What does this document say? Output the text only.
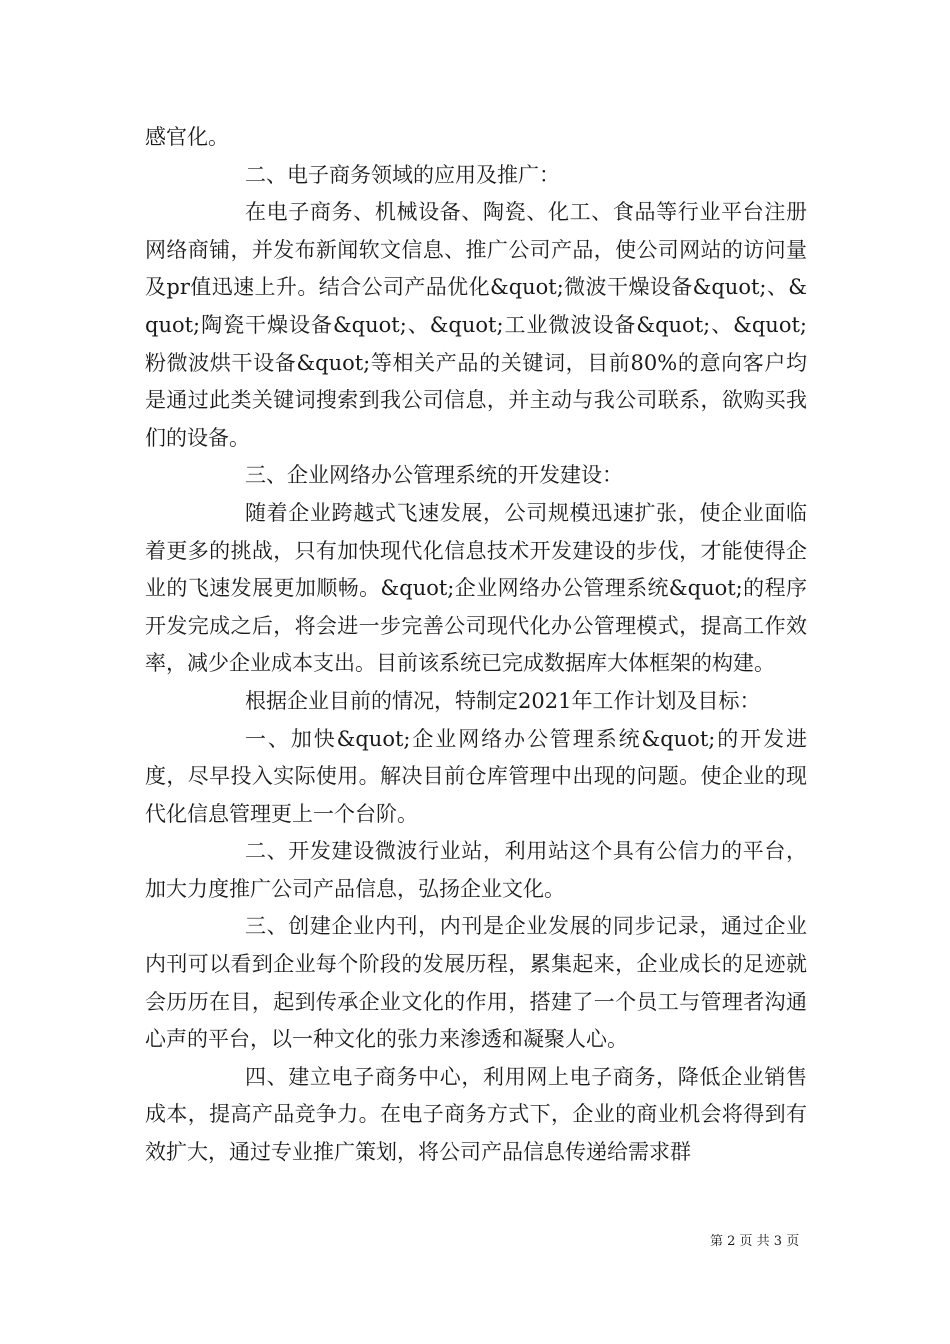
感官化。

二、电子商务领域的应用及推广：

在电子商务、机械设备、陶瓷、化工、食品等行业平台注册网络商铺，并发布新闻软文信息、推广公司产品，使公司网站的访问量及pr值迅速上升。结合公司产品优化&quot;微波干燥设备&quot;、&quot;陶瓷干燥设备&quot;、&quot;工业微波设备&quot;、&quot;粉微波烘干设备&quot;等相关产品的关键词，目前80%的意向客户均是通过此类关键词搜索到我公司信息，并主动与我公司联系，欲购买我们的设备。

三、企业网络办公管理系统的开发建设：

随着企业跨越式飞速发展，公司规模迅速扩张，使企业面临着更多的挑战，只有加快现代化信息技术开发建设的步伐，才能使得企业的飞速发展更加顺畅。&quot;企业网络办公管理系统&quot;的程序开发完成之后，将会进一步完善公司现代化办公管理模式，提高工作效率，减少企业成本支出。目前该系统已完成数据库大体框架的构建。

根据企业目前的情况，特制定2021年工作计划及目标：

一、加快&quot;企业网络办公管理系统&quot;的开发进度，尽早投入实际使用。解决目前仓库管理中出现的问题。使企业的现代化信息管理更上一个台阶。

二、开发建设微波行业站，利用站这个具有公信力的平台，加大力度推广公司产品信息，弘扬企业文化。

三、创建企业内刊，内刊是企业发展的同步记录，通过企业内刊可以看到企业每个阶段的发展历程，累集起来，企业成长的足迹就会历历在目，起到传承企业文化的作用，搭建了一个员工与管理者沟通心声的平台，以一种文化的张力来渗透和凝聚人心。

四、建立电子商务中心，利用网上电子商务，降低企业销售成本，提高产品竞争力。在电子商务方式下，企业的商业机会将得到有效扩大，通过专业推广策划，将公司产品信息传递给需求群

第 2 页 共 3 页
